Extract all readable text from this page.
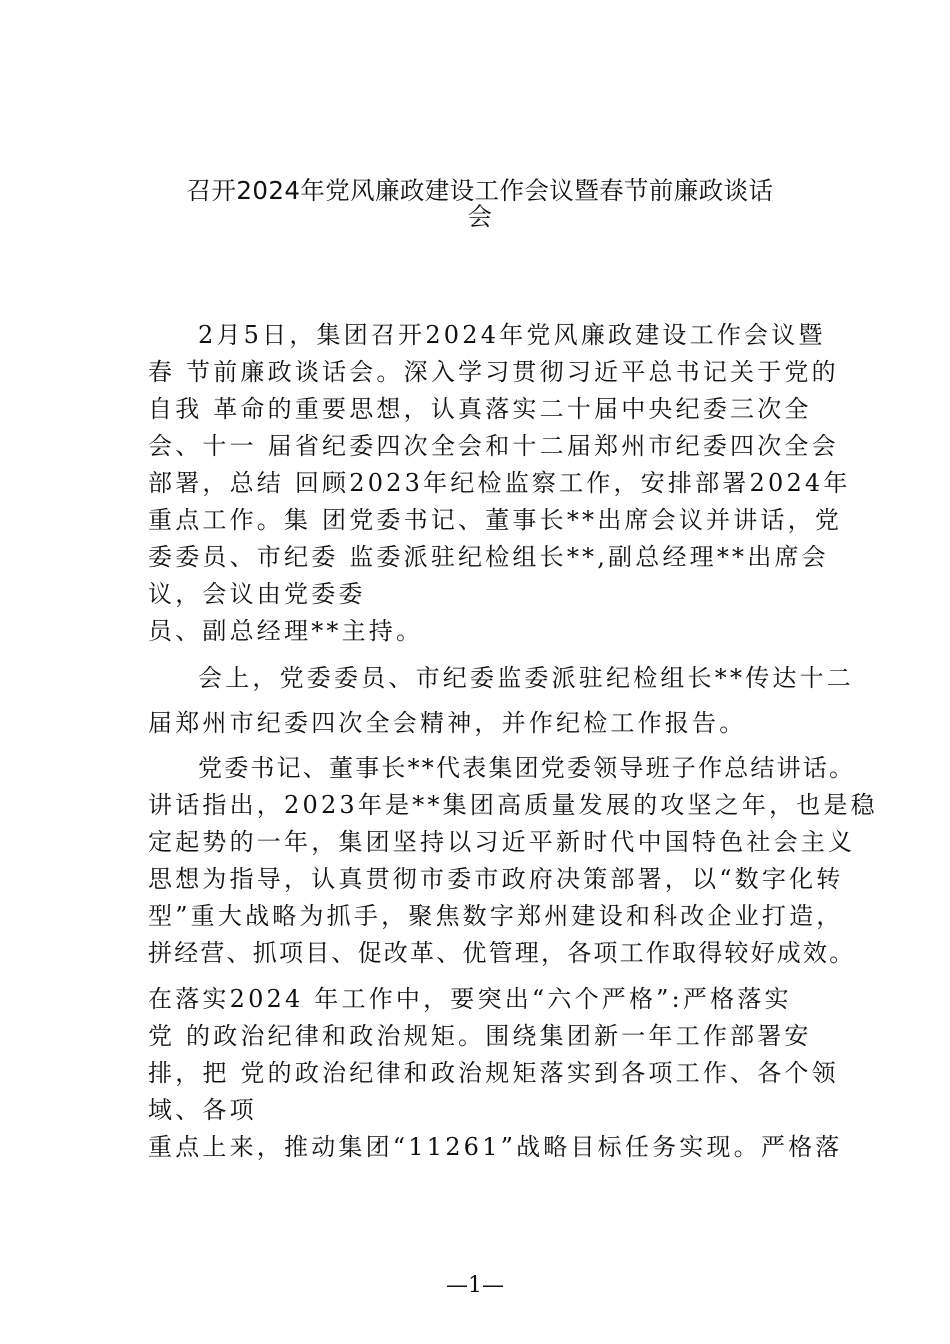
召开2024年党风廉政建设工作会议暨春节前廉政谈话
会

2月5日，集团召开2024年党风廉政建设工作会议暨

春 节前廉政谈话会。深入学习贯彻习近平总书记关于党的

自我 革命的重要思想，认真落实二十届中央纪委三次全

会、十一 届省纪委四次全会和十二届郑州市纪委四次全会

部署，总结 回顾2023年纪检监察工作，安排部署2024年

重点工作。集 团党委书记、董事长**出席会议并讲话，党

委委员、市纪委 监委派驻纪检组长**,副总经理**出席会

议，会议由党委委

员、副总经理**主持。

会上，党委委员、市纪委监委派驻纪检组长**传达十二

届郑州市纪委四次全会精神，并作纪检工作报告。

党委书记、董事长**代表集团党委领导班子作总结讲话。

讲话指出，2023年是**集团高质量发展的攻坚之年，也是稳

定起势的一年，集团坚持以习近平新时代中国特色社会主义

思想为指导，认真贯彻市委市政府决策部署，以“数字化转

型”重大战略为抓手，聚焦数字郑州建设和科改企业打造，

拼经营、抓项目、促改革、优管理，各项工作取得较好成效。

在落实2024 年工作中，要突出“六个严格”:严格落实

党 的政治纪律和政治规矩。围绕集团新一年工作部署安

排，把 党的政治纪律和政治规矩落实到各项工作、各个领

域、各项

重点上来，推动集团“11261”战略目标任务实现。严格落

—1—
